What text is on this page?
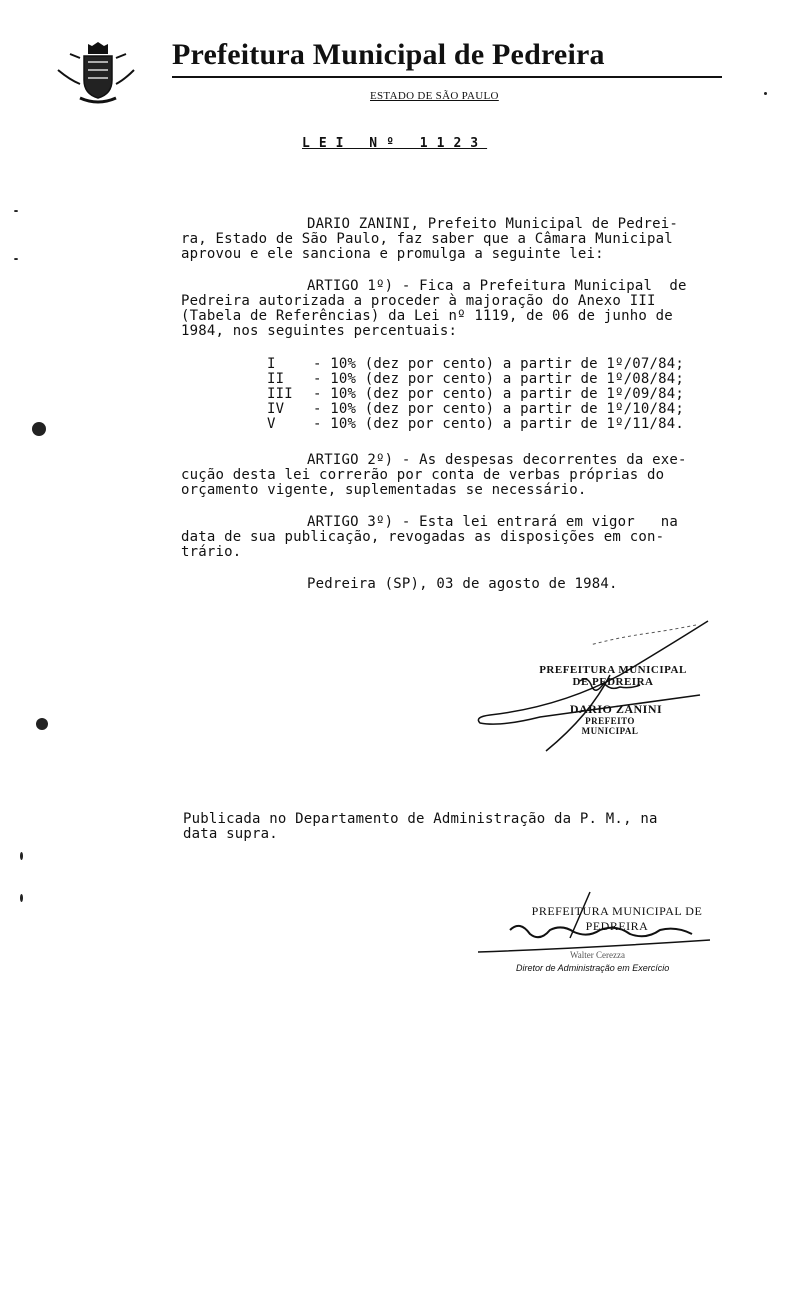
Prefeitura Municipal de Pedreira
ESTADO DE SÃO PAULO
LEI Nº 1123
DARIO ZANINI, Prefeito Municipal de Pedrei-
ra, Estado de São Paulo, faz saber que a Câmara Municipal
aprovou e ele sanciona e promulga a seguinte lei:
ARTIGO 1º) - Fica a Prefeitura Municipal  de
Pedreira autorizada a proceder à majoração do Anexo III
(Tabela de Referências) da Lei nº 1119, de 06 de junho de
1984, nos seguintes percentuais:
I	- 10% (dez por cento) a partir de 1º/07/84;
II - 10% (dez por cento) a partir de 1º/08/84;
III - 10% (dez por cento) a partir de 1º/09/84;
IV - 10% (dez por cento) a partir de 1º/10/84;
V	- 10% (dez por cento) a partir de 1º/11/84.
ARTIGO 2º) - As despesas decorrentes da exe-
cução desta lei correrão por conta de verbas próprias do
orçamento vigente, suplementadas se necessário.
ARTIGO 3º) - Esta lei entrará em vigor   na
data de sua publicação, revogadas as disposições em con-
trário.
Pedreira (SP), 03 de agosto de 1984.
PREFEITURA MUNICIPAL DE PEDREIRA
DARIO ZANINI
PREFEITO MUNICIPAL
Publicada no Departamento de Administração da P. M., na
data supra.
PREFEITURA MUNICIPAL DE PEDREIRA
Walter Cerezza
Diretor de Administração em Exercício
